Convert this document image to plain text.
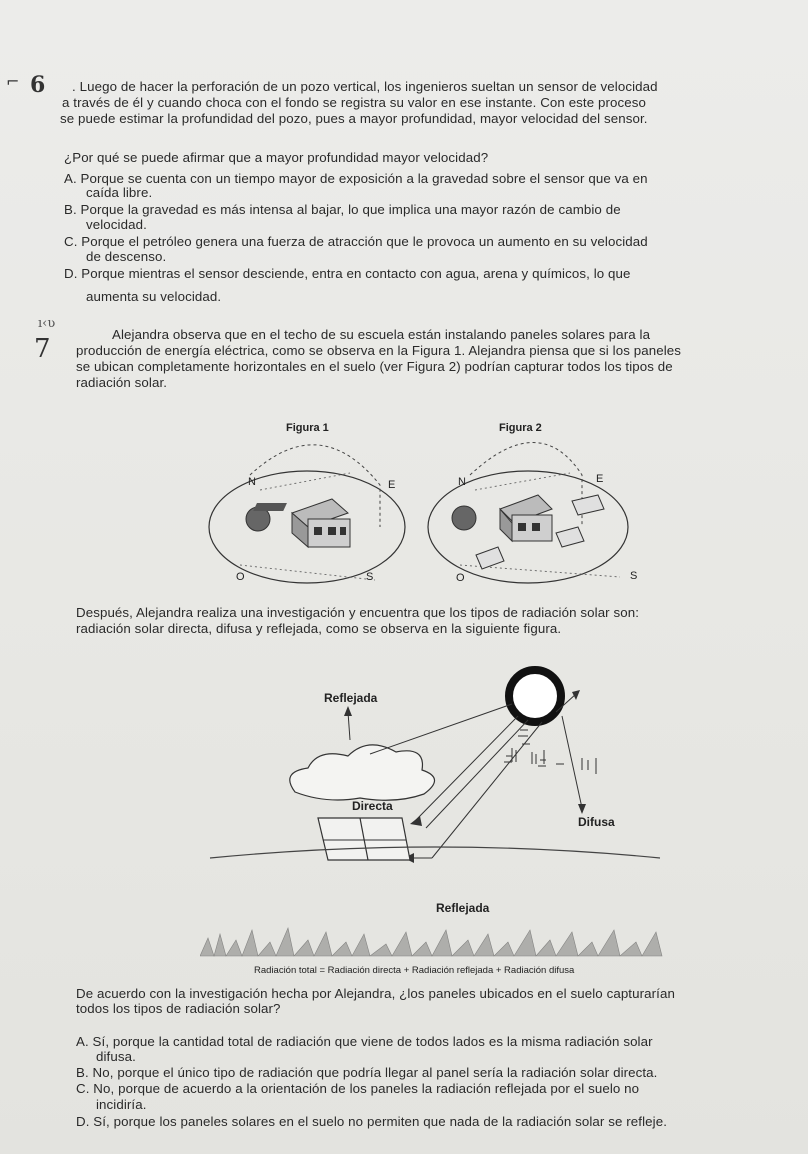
⌐ 6 . Luego de hacer la perforación de un pozo vertical, los ingenieros sueltan un sensor de velocidad
a través de él y cuando choca con el fondo se registra su valor en ese instante. Con este proceso
se puede estimar la profundidad del pozo, pues a mayor profundidad, mayor velocidad del sensor.
¿Por qué se puede afirmar que a mayor profundidad mayor velocidad?
A. Porque se cuenta con un tiempo mayor de exposición a la gravedad sobre el sensor que va en
caída libre.
B. Porque la gravedad es más intensa al bajar, lo que implica una mayor razón de cambio de
velocidad.
C. Porque el petróleo genera una fuerza de atracción que le provoca un aumento en su velocidad
de descenso.
D. Porque mientras el sensor desciende, entra en contacto con agua, arena y químicos, lo que
aumenta su velocidad.
ı‹ʋ
7	Alejandra observa que en el techo de su escuela están instalando paneles solares para la
producción de energía eléctrica, como se observa en la Figura 1. Alejandra piensa que si los paneles
se ubican completamente horizontales en el suelo (ver Figura 2) podrían capturar todos los tipos de
radiación solar.
Figura 1
N	E
O	S
Figura 2
N	E
O	S
Después, Alejandra realiza una investigación y encuentra que los tipos de radiación solar son:
radiación solar directa, difusa y reflejada, como se observa en la siguiente figura.
Reflejada
Directa
Difusa
Reflejada
Radiación total = Radiación directa + Radiación reflejada + Radiación difusa
De acuerdo con la investigación hecha por Alejandra, ¿los paneles ubicados en el suelo capturarían
todos los tipos de radiación solar?
A. Sí, porque la cantidad total de radiación que viene de todos lados es la misma radiación solar
difusa.
B. No, porque el único tipo de radiación que podría llegar al panel sería la radiación solar directa.
C. No, porque de acuerdo a la orientación de los paneles la radiación reflejada por el suelo no
incidiría.
D. Sí, porque los paneles solares en el suelo no permiten que nada de la radiación solar se refleje.
